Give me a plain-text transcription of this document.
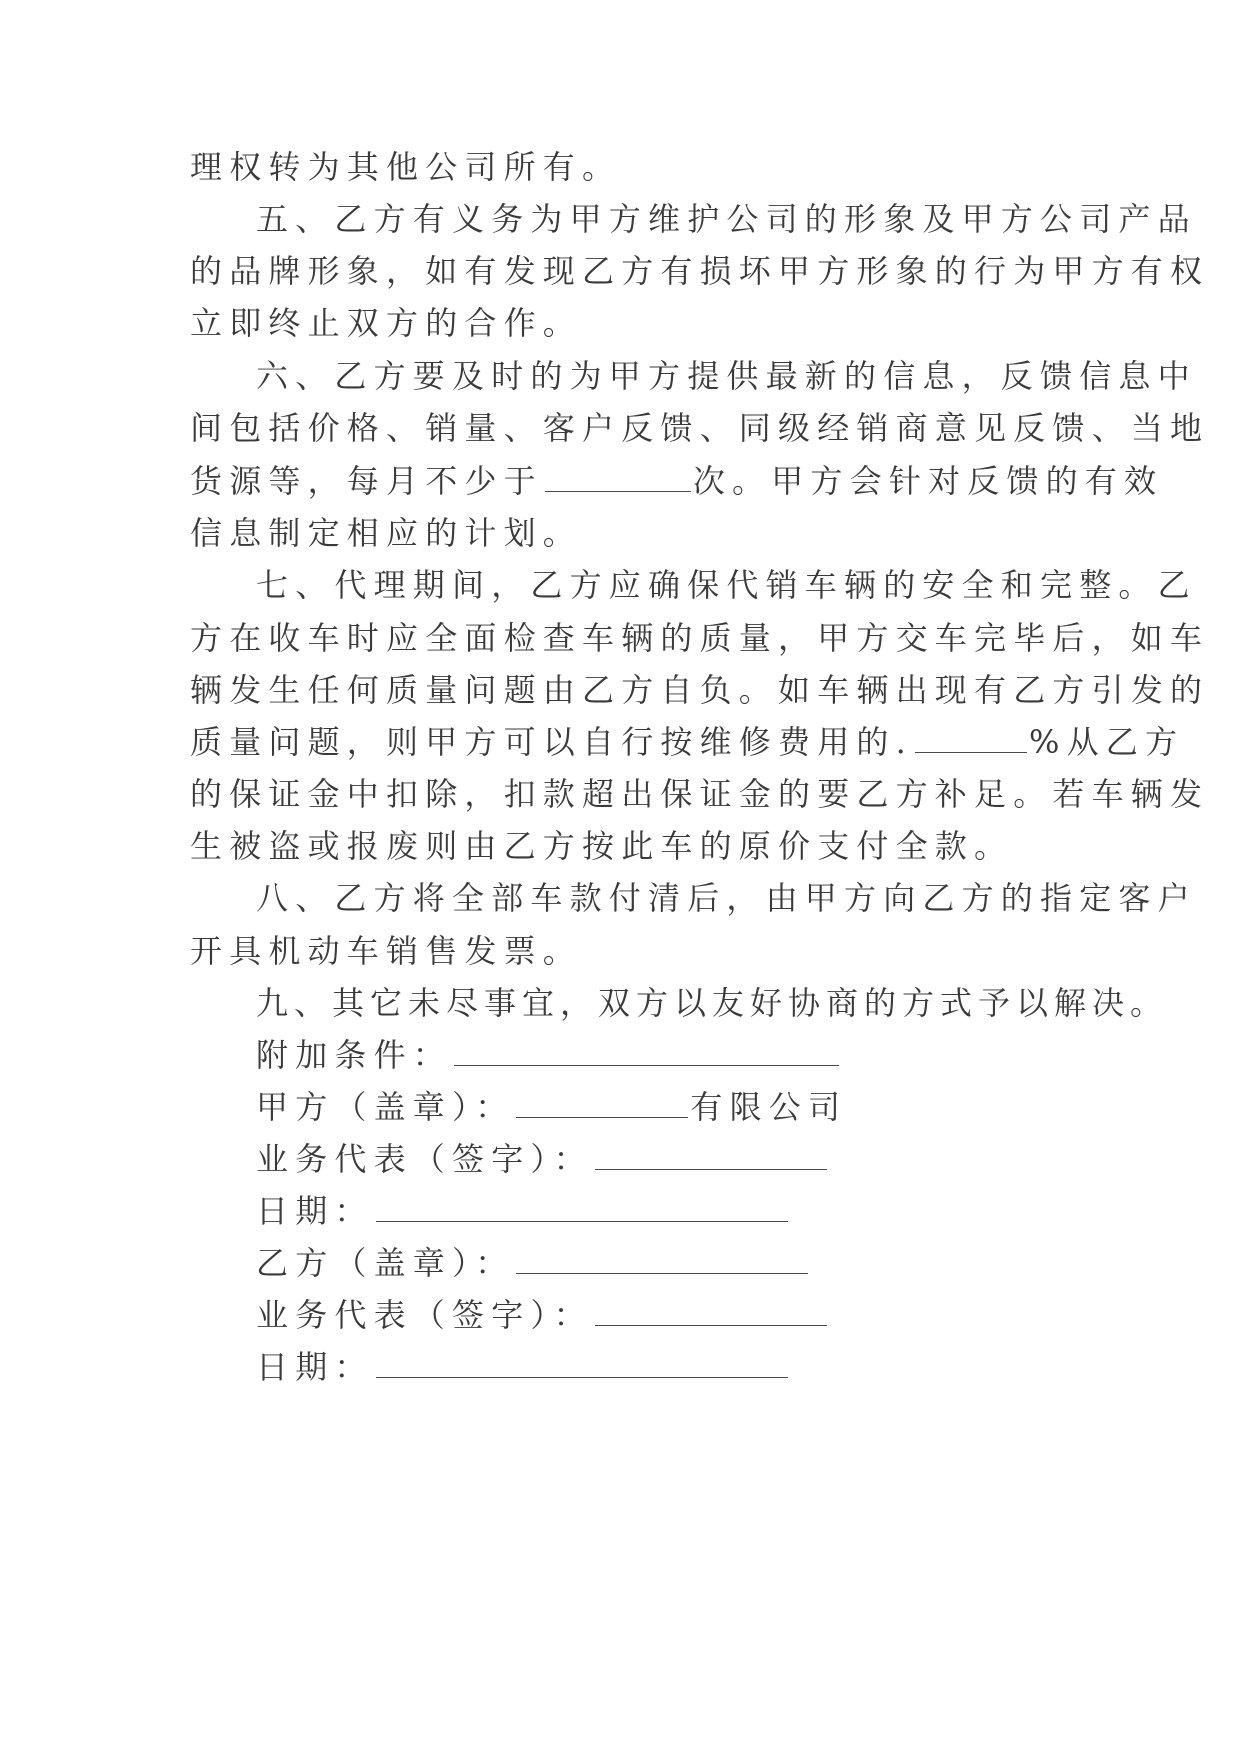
理权转为其他公司所有。
五、乙方有义务为甲方维护公司的形象及甲方公司产品
的品牌形象，如有发现乙方有损坏甲方形象的行为甲方有权
立即终止双方的合作。
六、乙方要及时的为甲方提供最新的信息，反馈信息中
间包括价格、销量、客户反馈、同级经销商意见反馈、当地
货源等，每月不少于	次。甲方会针对反馈的有效
信息制定相应的计划。
七、代理期间，乙方应确保代销车辆的安全和完整。乙
方在收车时应全面检查车辆的质量，甲方交车完毕后，如车
辆发生任何质量问题由乙方自负。如车辆出现有乙方引发的
质量问题，则甲方可以自行按维修费用的.	%从乙方
的保证金中扣除，扣款超出保证金的要乙方补足。若车辆发
生被盗或报废则由乙方按此车的原价支付全款。
八、乙方将全部车款付清后，由甲方向乙方的指定客户
开具机动车销售发票。
九、其它未尽事宜，双方以友好协商的方式予以解决。
附加条件：
甲方（盖章）：	有限公司
业务代表（签字）：
日期：
乙方（盖章）：
业务代表（签字）：
日期：
